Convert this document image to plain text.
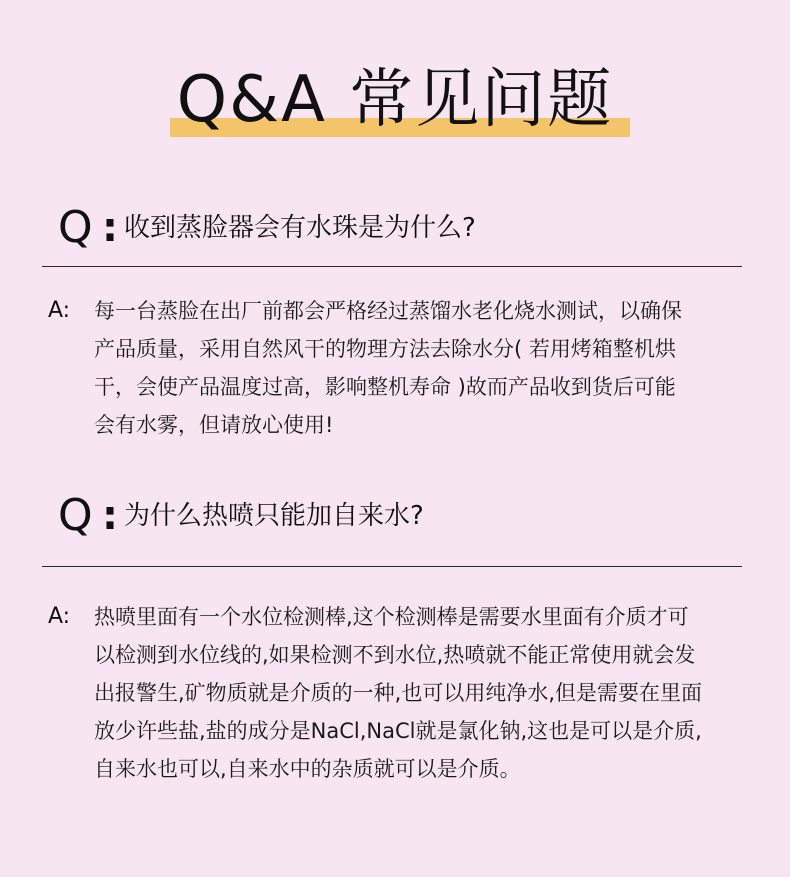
Q&A 常见问题
Q : 收到蒸脸器会有水珠是为什么?
A: 每一台蒸脸在出厂前都会严格经过蒸馏水老化烧水测试，以确保
产品质量，采用自然风干的物理方法去除水分( 若用烤箱整机烘
干，会使产品温度过高，影响整机寿命 )故而产品收到货后可能
会有水雾，但请放心使用!
Q : 为什么热喷只能加自来水?
A: 热喷里面有一个水位检测棒,这个检测棒是需要水里面有介质才可
以检测到水位线的,如果检测不到水位,热喷就不能正常使用就会发
出报警生,矿物质就是介质的一种,也可以用纯净水,但是需要在里面
放少许些盐,盐的成分是NaCl,NaCl就是氯化钠,这也是可以是介质,
自来水也可以,自来水中的杂质就可以是介质。
